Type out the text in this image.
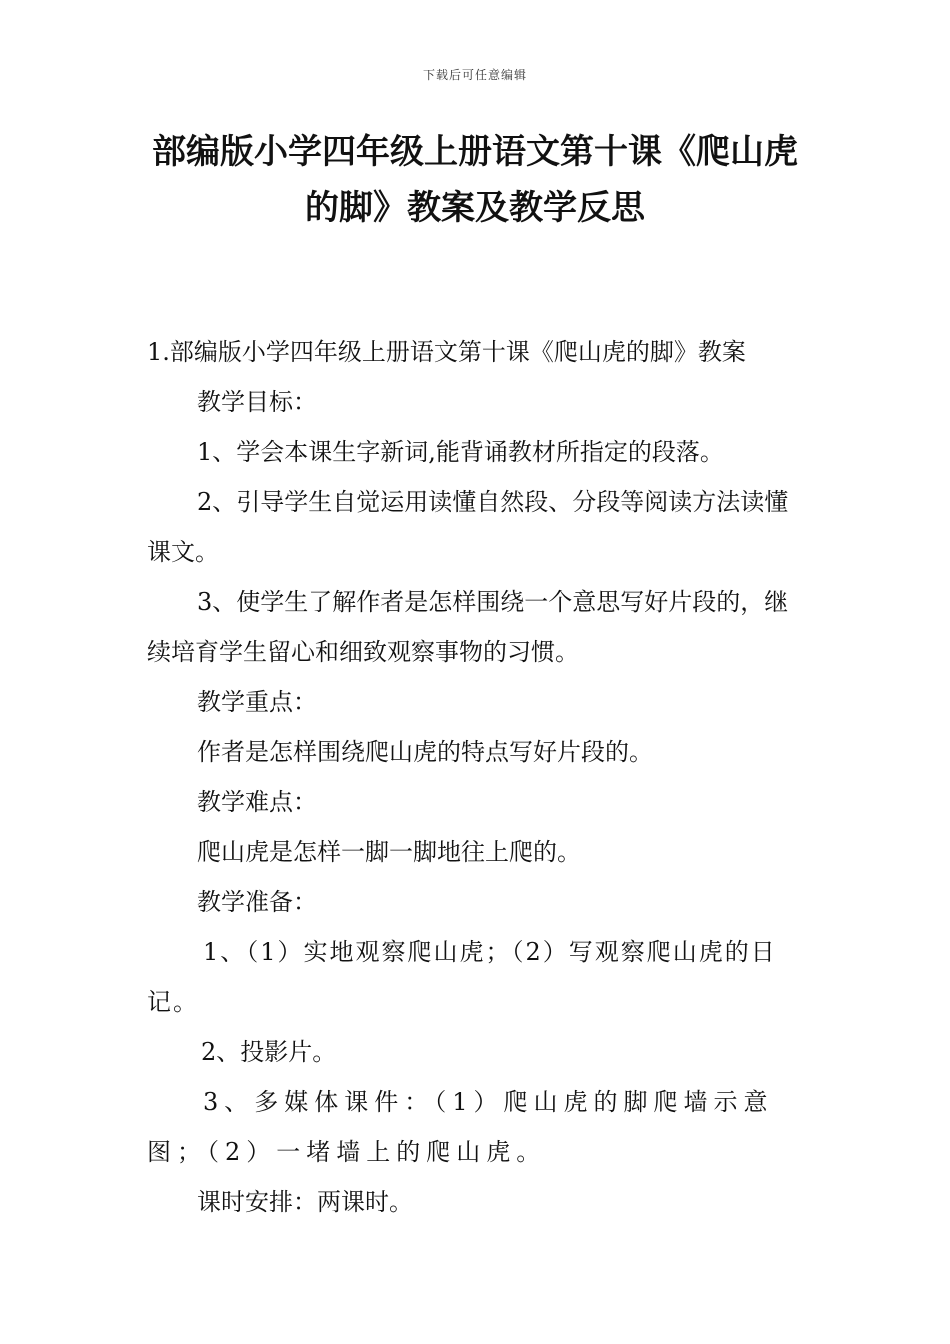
下载后可任意编辑
部编版小学四年级上册语文第十课《爬山虎的脚》教案及教学反思

1.部编版小学四年级上册语文第十课《爬山虎的脚》教案

教学目标：

1、学会本课生字新词,能背诵教材所指定的段落。

2、引导学生自觉运用读懂自然段、分段等阅读方法读懂课文。

3、使学生了解作者是怎样围绕一个意思写好片段的，继续培育学生留心和细致观察事物的习惯。

教学重点：

作者是怎样围绕爬山虎的特点写好片段的。

教学难点：

爬山虎是怎样一脚一脚地往上爬的。

教学准备：

1、（1）实地观察爬山虎；（2）写观察爬山虎的日记。

2、投影片。

3、多媒体课件：（1）爬山虎的脚爬墙示意图；（2）一堵墙上的爬山虎。

课时安排：两课时。
